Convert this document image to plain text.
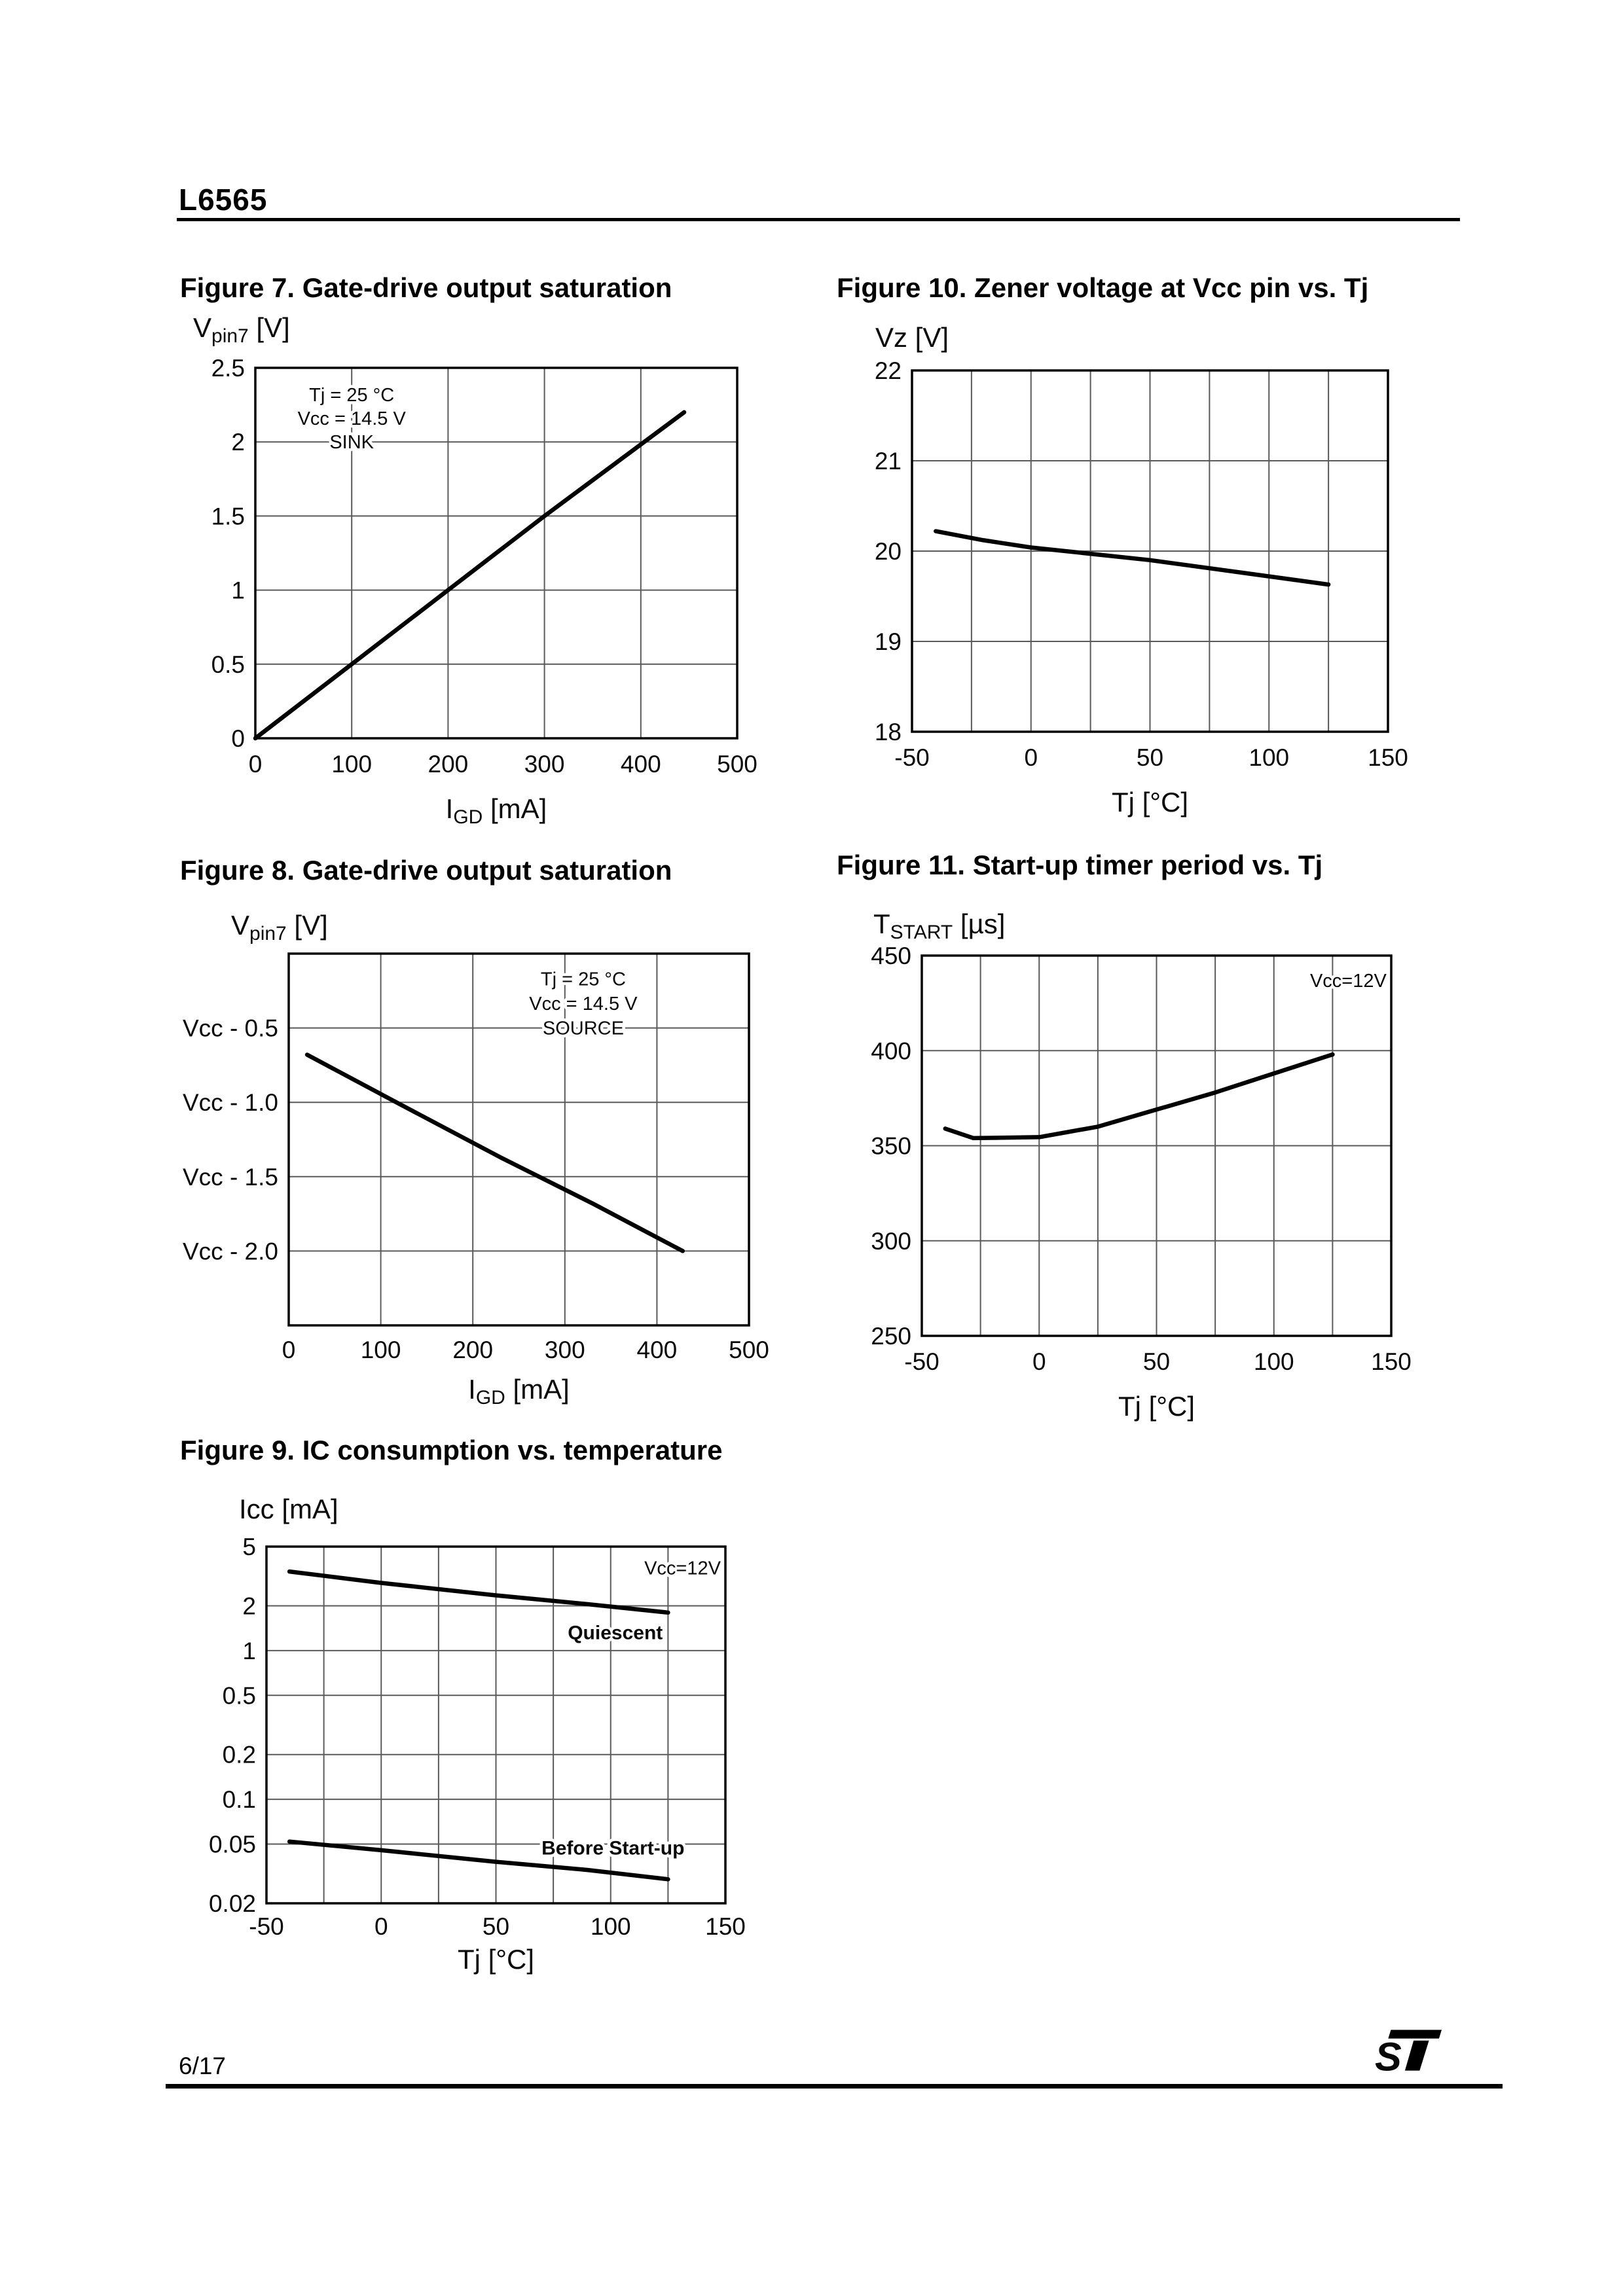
L6565
Figure 7. Gate-drive output saturation	Figure 10. Zener voltage at Vcc pin vs. Tj
Figure 8. Gate-drive output saturation	Figure 11. Start-up timer period vs. Tj
Figure 9. IC consumption vs. temperature
0	100 200 300 400 500
0
0.5
1
1.5
2
2.5
Tj = 25 °C
Vcc = 14.5 V
SINK
Vpin7 [V]
IGD [mA]
-50	0	50	100	150
18
19
20
21
22
Vz [V]
Tj [°C]
0	100 200 300 400 500
Vcc - 0.5
Vcc - 1.0
Vcc - 1.5
Vcc - 2.0
Tj = 25 °C
Vcc = 14.5 V
SOURCE
Vpin7 [V]
IGD [mA]
-50	0	50	100	150
250
300
350
400
450
Vcc=12V
TSTART [µs]
Tj [°C]
-50	0	50	100	150
5
2
1
0.5
0.2
0.1
0.05
0.02
Vcc=12V
Quiescent
Before Start-up
Icc [mA]
Tj [°C]
6/17	S
